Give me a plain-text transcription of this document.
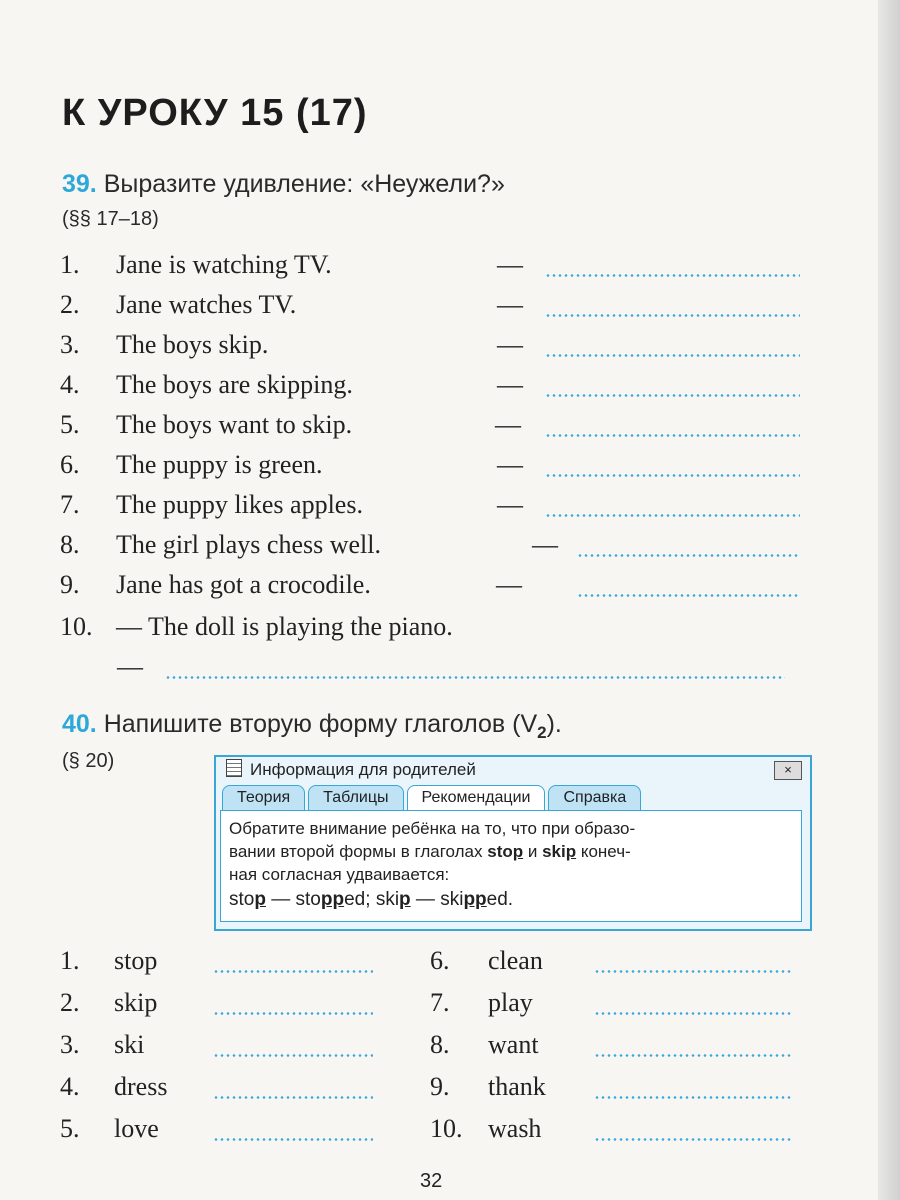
К УРОКУ 15 (17)
39. Выразите удивление: «Неужели?»
(§§ 17–18)
1. Jane is watching TV.	—
2. Jane watches TV.	—
3. The boys skip.	—
4. The boys are skipping.	—
5. The boys want to skip.	—
6. The puppy is green.	—
7. The puppy likes apples.	—
8. The girl plays chess well.	—
9. Jane has got a crocodile.	—
10. — The doll is playing the piano.
—
40. Напишите вторую форму глаголов $(V_2)$.
(§ 20)	Информация для родителей	×
Теория	Таблицы	Рекомендации	Справка
Обратите внимание ребёнка на то, что при образо-
вании второй формы в глаголах stop и skip конеч-
ная согласная удваивается:
stop — stopped; skip — skipped.
1. stop
2. skip
3. ski
4. dress
5. love
6. clean
7. play
8. want
9. thank
10. wash
32
